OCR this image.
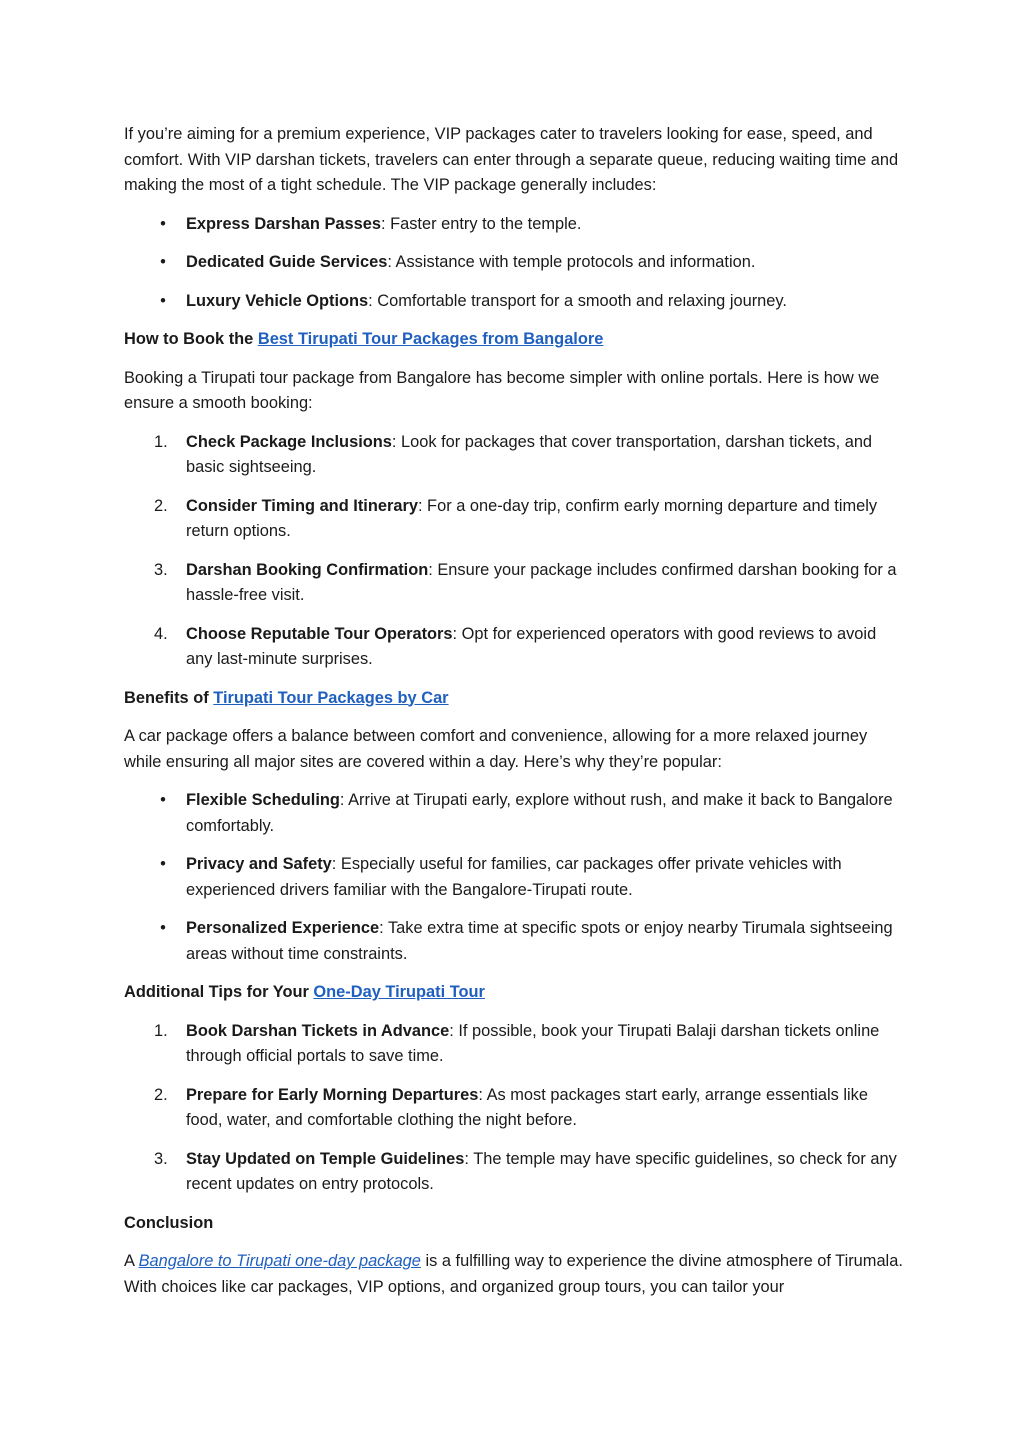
If you’re aiming for a premium experience, VIP packages cater to travelers looking for ease, speed, and comfort. With VIP darshan tickets, travelers can enter through a separate queue, reducing waiting time and making the most of a tight schedule. The VIP package generally includes:

• Express Darshan Passes: Faster entry to the temple.
• Dedicated Guide Services: Assistance with temple protocols and information.
• Luxury Vehicle Options: Comfortable transport for a smooth and relaxing journey.

How to Book the Best Tirupati Tour Packages from Bangalore

Booking a Tirupati tour package from Bangalore has become simpler with online portals. Here is how we ensure a smooth booking:

1.	Check Package Inclusions: Look for packages that cover transportation, darshan tickets, and basic sightseeing.
2.	Consider Timing and Itinerary: For a one-day trip, confirm early morning departure and timely return options.
3.	Darshan Booking Confirmation: Ensure your package includes confirmed darshan booking for a hassle-free visit.
4.	Choose Reputable Tour Operators: Opt for experienced operators with good reviews to avoid any last-minute surprises.

Benefits of Tirupati Tour Packages by Car

A car package offers a balance between comfort and convenience, allowing for a more relaxed journey while ensuring all major sites are covered within a day. Here’s why they’re popular:

• Flexible Scheduling: Arrive at Tirupati early, explore without rush, and make it back to Bangalore comfortably.
• Privacy and Safety: Especially useful for families, car packages offer private vehicles with experienced drivers familiar with the Bangalore-Tirupati route.
• Personalized Experience: Take extra time at specific spots or enjoy nearby Tirumala sightseeing areas without time constraints.

Additional Tips for Your One-Day Tirupati Tour

1.	Book Darshan Tickets in Advance: If possible, book your Tirupati Balaji darshan tickets online through official portals to save time.
2.	Prepare for Early Morning Departures: As most packages start early, arrange essentials like food, water, and comfortable clothing the night before.
3.	Stay Updated on Temple Guidelines: The temple may have specific guidelines, so check for any recent updates on entry protocols.

Conclusion

A Bangalore to Tirupati one-day package is a fulfilling way to experience the divine atmosphere of Tirumala. With choices like car packages, VIP options, and organized group tours, you can tailor your
